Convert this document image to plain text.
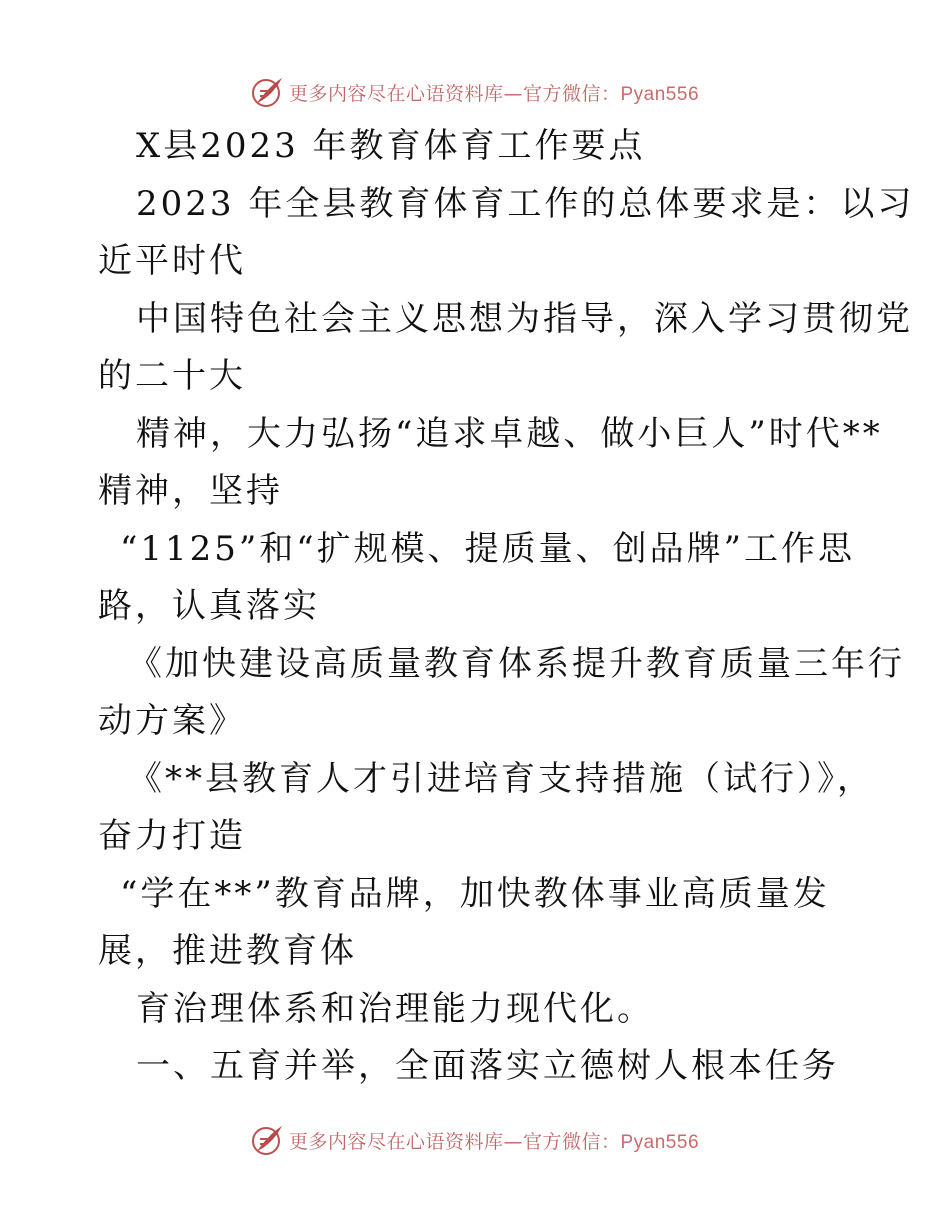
更多内容尽在心语资料库—官方微信：Pyan556
X县2023 年教育体育工作要点
2023 年全县教育体育工作的总体要求是：以习
近平时代
中国特色社会主义思想为指导，深入学习贯彻党
的二十大
精神，大力弘扬“追求卓越、做小巨人”时代**
精神，坚持
“1125”和“扩规模、提质量、创品牌”工作思
路，认真落实
《加快建设高质量教育体系提升教育质量三年行
动方案》
《**县教育人才引进培育支持措施（试行）》，
奋力打造
“学在**”教育品牌，加快教体事业高质量发
展，推进教育体
育治理体系和治理能力现代化。
一、五育并举，全面落实立德树人根本任务
更多内容尽在心语资料库—官方微信：Pyan556
